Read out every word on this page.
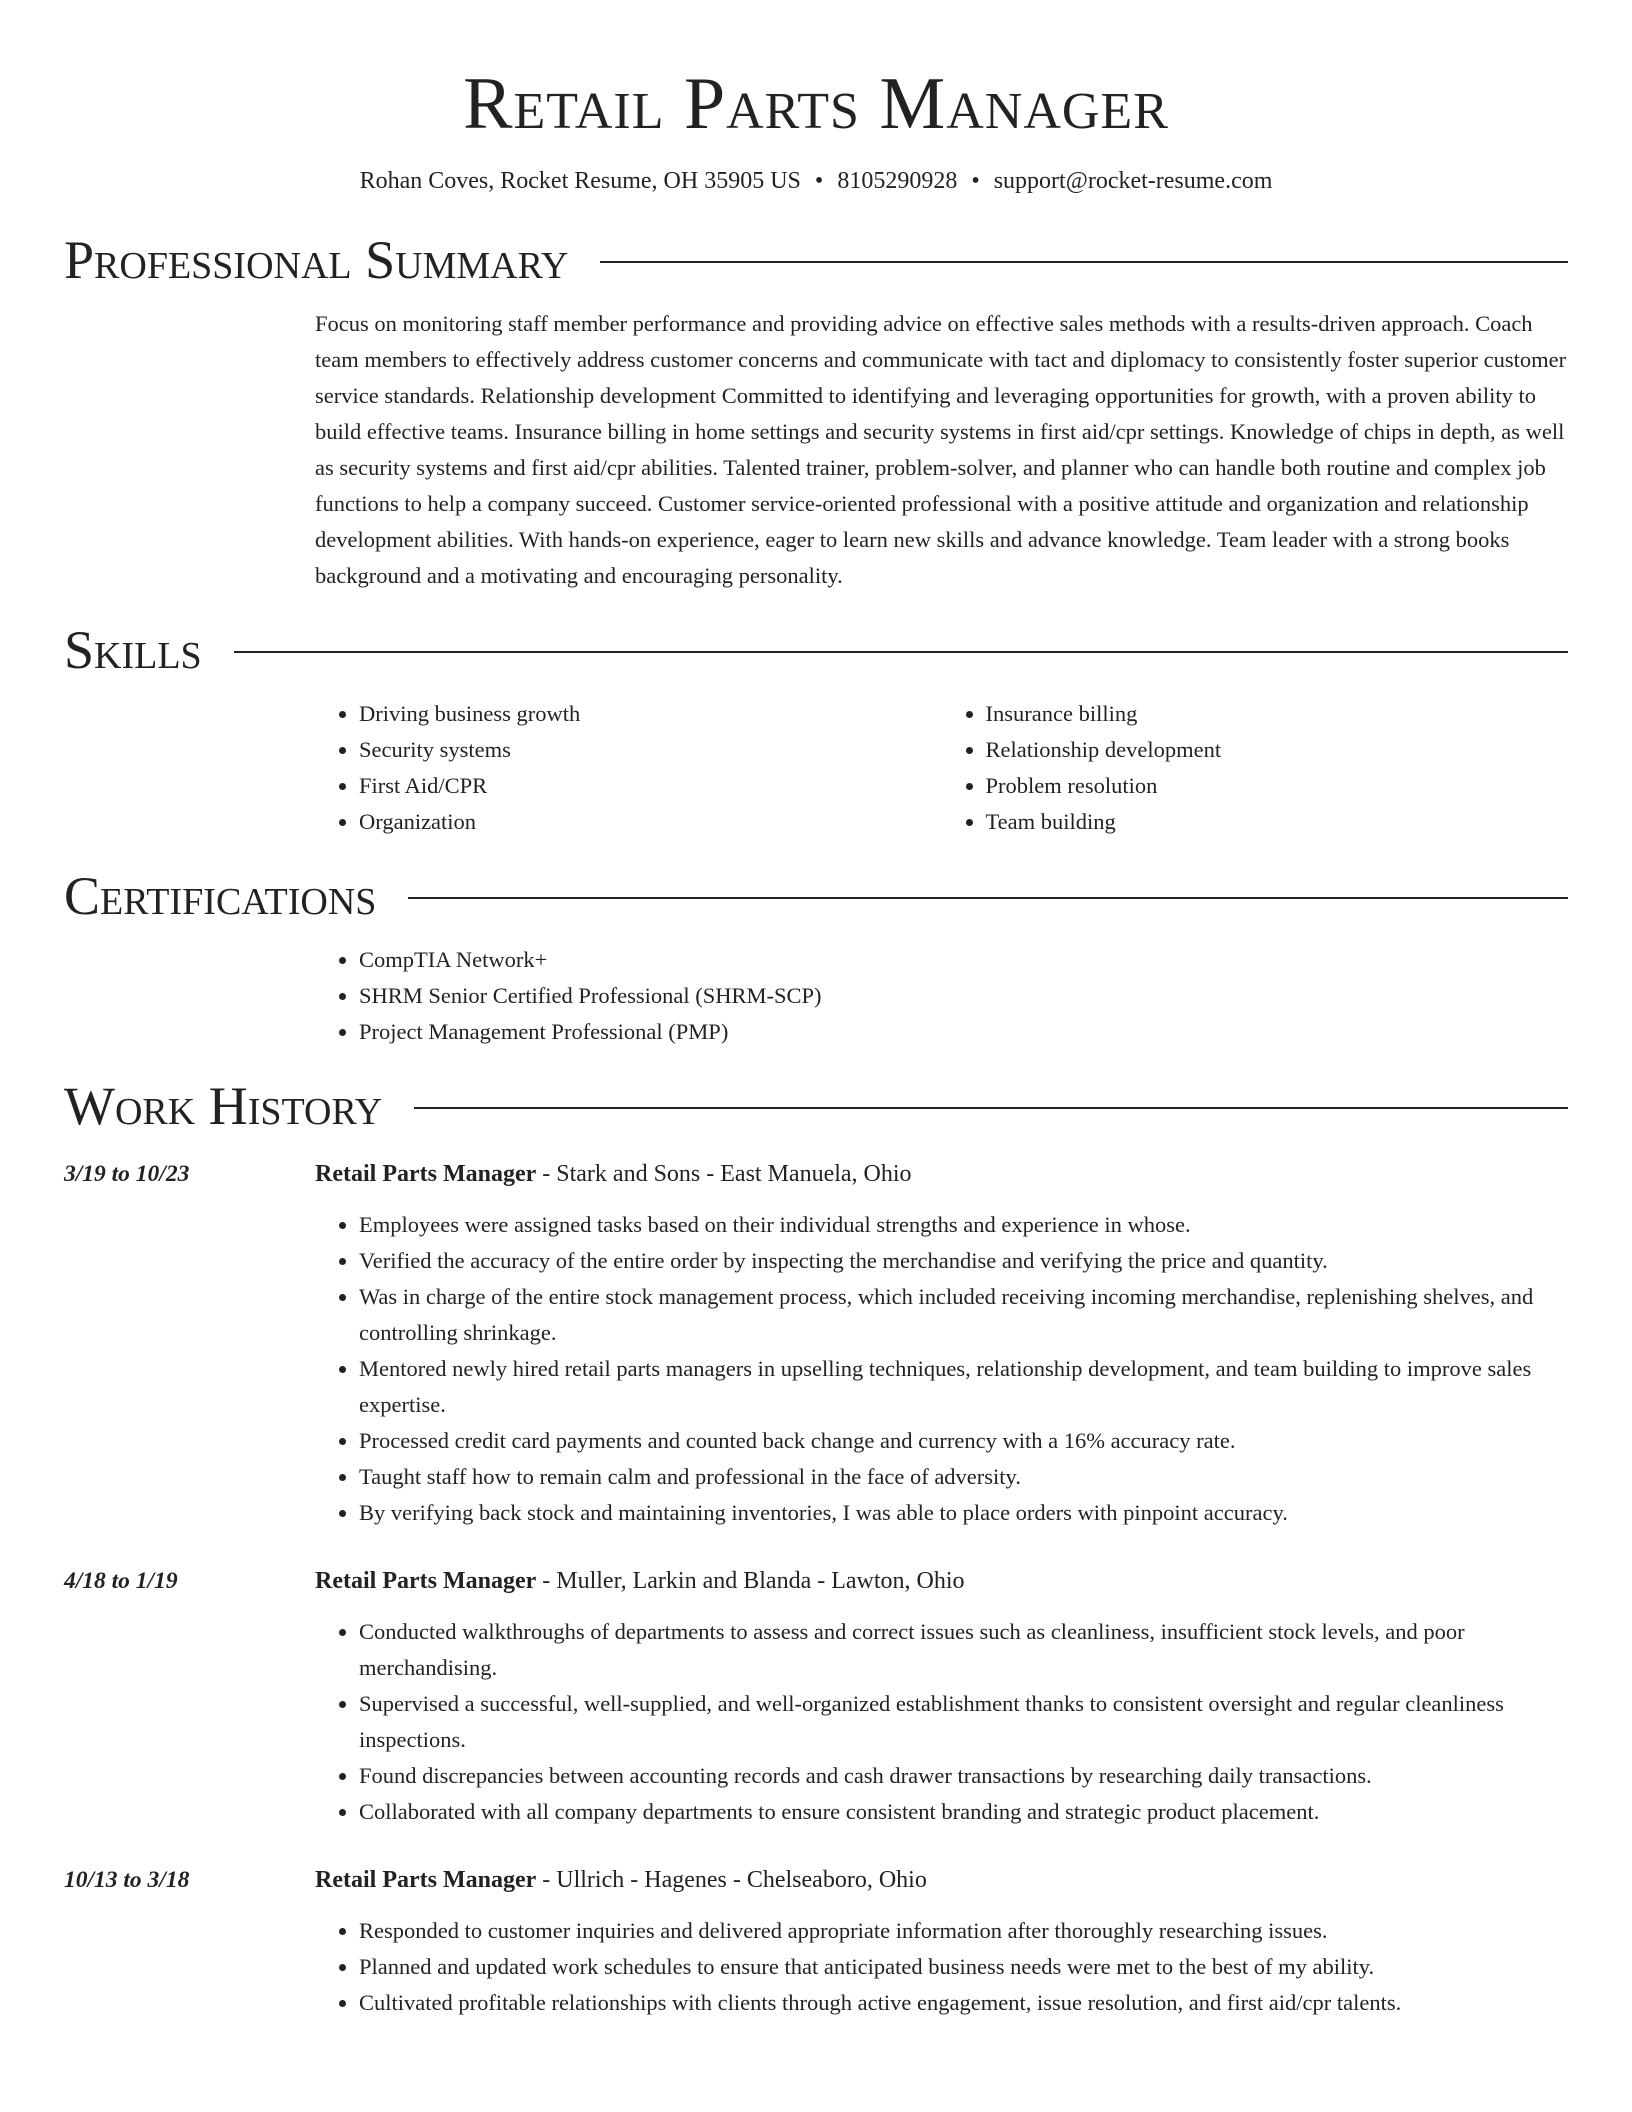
Retail Parts Manager
Rohan Coves, Rocket Resume, OH 35905 US • 8105290928 • support@rocket-resume.com
Professional Summary

Focus on monitoring staff member performance and providing advice on effective sales methods with a results-driven approach. Coach team members to effectively address customer concerns and communicate with tact and diplomacy to consistently foster superior customer service standards. Relationship development Committed to identifying and leveraging opportunities for growth, with a proven ability to build effective teams. Insurance billing in home settings and security systems in first aid/cpr settings. Knowledge of chips in depth, as well as security systems and first aid/cpr abilities. Talented trainer, problem-solver, and planner who can handle both routine and complex job functions to help a company succeed. Customer service-oriented professional with a positive attitude and organization and relationship development abilities. With hands-on experience, eager to learn new skills and advance knowledge. Team leader with a strong books background and a motivating and encouraging personality.

Skills
• Driving business growth
• Security systems
• First Aid/CPR
• Organization
• Insurance billing
• Relationship development
• Problem resolution
• Team building
Certifications
• CompTIA Network+
• SHRM Senior Certified Professional (SHRM-SCP)
• Project Management Professional (PMP)
Work History
3/19 to 10/23	Retail Parts Manager - Stark and Sons - East Manuela, Ohio
• Employees were assigned tasks based on their individual strengths and experience in whose.
• Verified the accuracy of the entire order by inspecting the merchandise and verifying the price and quantity.
• Was in charge of the entire stock management process, which included receiving incoming merchandise, replenishing shelves, and controlling shrinkage.
• Mentored newly hired retail parts managers in upselling techniques, relationship development, and team building to improve sales expertise.
• Processed credit card payments and counted back change and currency with a 16% accuracy rate.
• Taught staff how to remain calm and professional in the face of adversity.
• By verifying back stock and maintaining inventories, I was able to place orders with pinpoint accuracy.
4/18 to 1/19	Retail Parts Manager - Muller, Larkin and Blanda - Lawton, Ohio
• Conducted walkthroughs of departments to assess and correct issues such as cleanliness, insufficient stock levels, and poor merchandising.
• Supervised a successful, well-supplied, and well-organized establishment thanks to consistent oversight and regular cleanliness inspections.
• Found discrepancies between accounting records and cash drawer transactions by researching daily transactions.
• Collaborated with all company departments to ensure consistent branding and strategic product placement.
10/13 to 3/18	Retail Parts Manager - Ullrich - Hagenes - Chelseaboro, Ohio
• Responded to customer inquiries and delivered appropriate information after thoroughly researching issues.
• Planned and updated work schedules to ensure that anticipated business needs were met to the best of my ability.
• Cultivated profitable relationships with clients through active engagement, issue resolution, and first aid/cpr talents.
